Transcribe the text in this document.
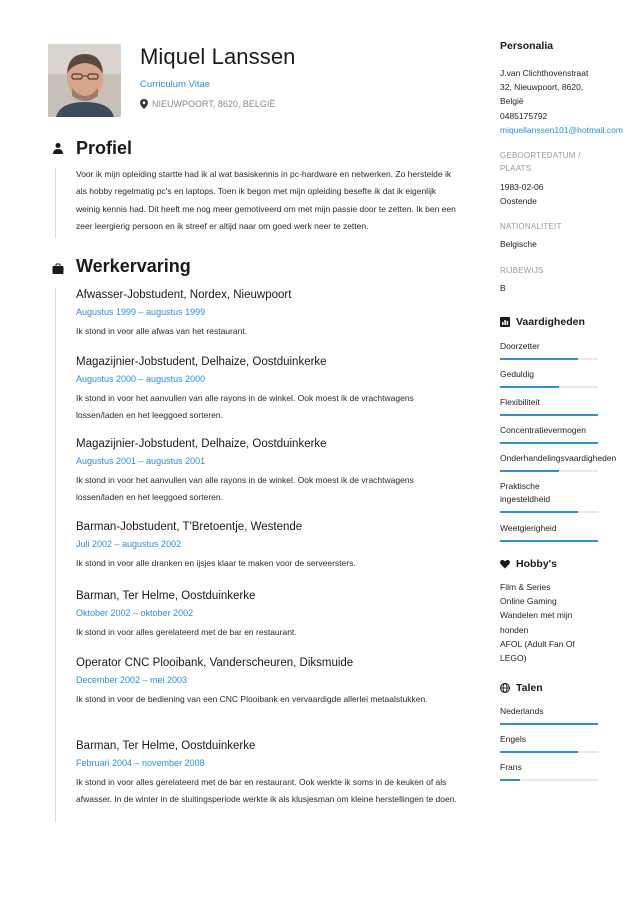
Miquel Lanssen
Curriculum Vitae
NIEUWPOORT, 8620, BELGIË
Profiel
Voor ik mijn opleiding startte had ik al wat basiskennis in pc-hardware en netwerken. Zo herstelde ik als hobby regelmatig pc's en laptops. Toen ik begon met mijn opleiding besefte ik dat ik eigenlijk weinig kennis had. Dit heeft me nog meer gemotiveerd om met mijn passie door te zetten. Ik ben een zeer leergierig persoon en ik streef er altijd naar om goed werk neer te zetten.
Werkervaring
Afwasser-Jobstudent, Nordex, Nieuwpoort
Augustus 1999 – augustus 1999
Ik stond in voor alle afwas van het restaurant.
Magazijnier-Jobstudent, Delhaize, Oostduinkerke
Augustus 2000 – augustus 2000
Ik stond in voor het aanvullen van alle rayons in de winkel. Ook moest ik de vrachtwagens lossen/laden en het leeggoed sorteren.
Magazijnier-Jobstudent, Delhaize, Oostduinkerke
Augustus 2001 – augustus 2001
Ik stond in voor het aanvullen van alle rayons in de winkel. Ook moest ik de vrachtwagens lossen/laden en het leeggoed sorteren.
Barman-Jobstudent, T'Bretoentje, Westende
Juli 2002 – augustus 2002
Ik stond in voor alle dranken en ijsjes klaar te maken voor de serveersters.
Barman, Ter Helme, Oostduinkerke
Oktober 2002 – oktober 2002
Ik stond in voor alles gerelateerd met de bar en restaurant.
Operator CNC Plooibank, Vanderscheuren, Diksmuide
December 2002 – mei 2003
Ik stond in voor de bediening van een CNC Plooibank en vervaardigde allerlei metaalstukken.
Barman, Ter Helme, Oostduinkerke
Februari 2004 – november 2008
Ik stond in voor alles gerelateerd met de bar en restaurant. Ook werkte ik soms in de keuken of als afwasser. In de winter in de sluitingsperiode werkte ik als klusjesman om kleine herstellingen te doen.
Personalia
J.van Clichthovenstraat
32, Nieuwpoort, 8620,
België
0485175792
miquellanssen101@hotmail.com
GEBOORTEDATUM /
PLAATS
1983-02-06
Oostende
NATIONALITEIT
Belgische
RIJBEWIJS
B
Vaardigheden
Doorzetter
Geduldig
Flexibiliteit
Concentratievermogen
Onderhandelingsvaardigheden
Praktische
ingesteldheid
Weetgierigheid
Hobby's
Film & Series
Online Gaming
Wandelen met mijn
honden
AFOL (Adult Fan Of
LEGO)
Talen
Nederlands
Engels
Frans
